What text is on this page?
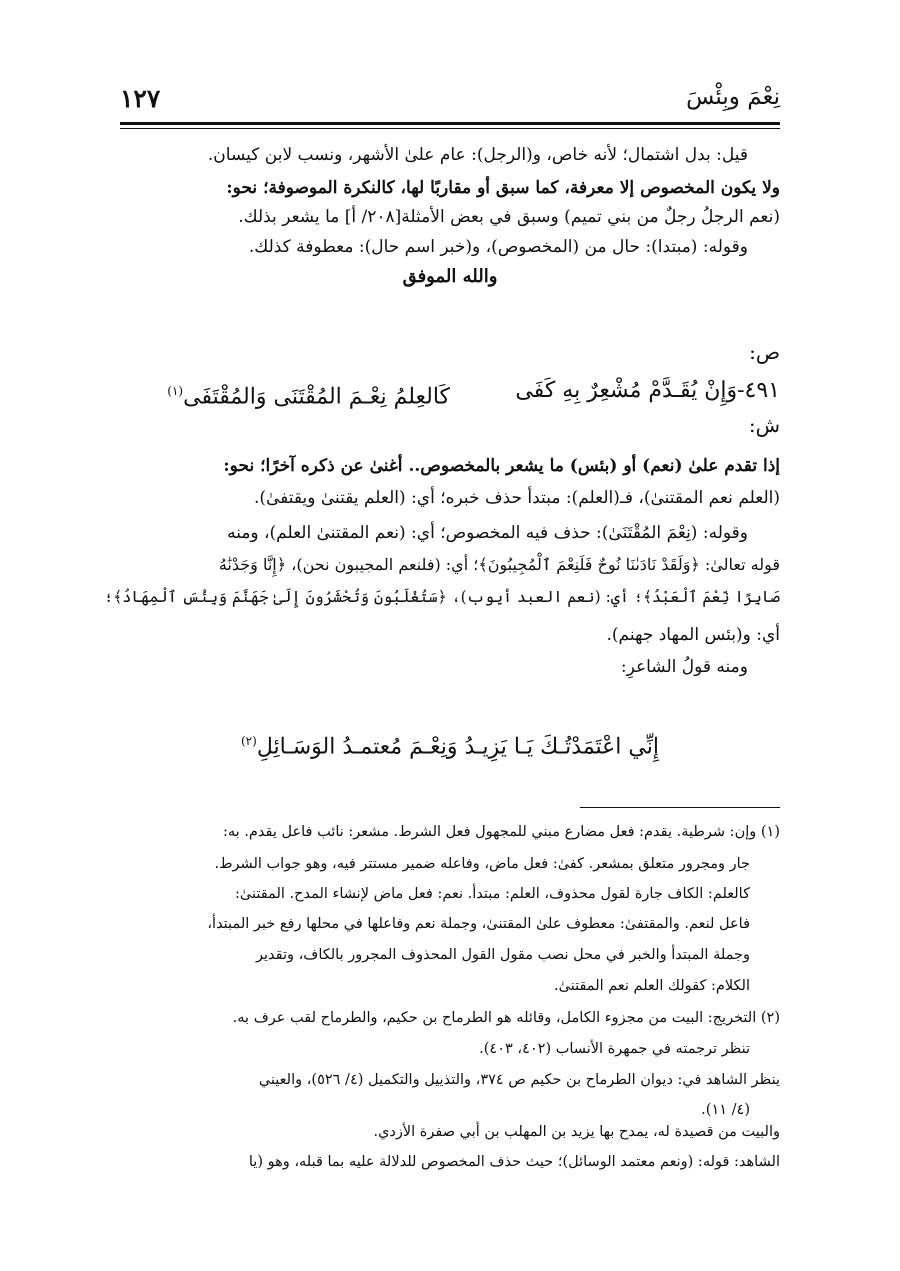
١٢٧	نِعْمَ وبِئْسَ
قيل: بدل اشتمال؛ لأنه خاص، و(الرجل): عام علىٰ الأشهر، ونسب لابن كيسان.
ولا يكون المخصوص إلا معرفة، كما سبق أو مقاربًا لها، كالنكرة الموصوفة؛ نحو:
(نعم الرجلُ رجلٌ من بني تميم) وسبق في بعض الأمثلة[٢٠٨/ أ] ما يشعر بذلك.
وقوله: (مبتدا): حال من (المخصوص)، و(خبر اسم حال): معطوفة كذلك.
والله الموفق
ص:
٤٩١-وَإِنْ يُقَـدَّمْ مُشْعِرٌ بِهِ كَفَى
كَالعِلمُ نِعْـمَ المُقْتَنَى وَالمُقْتَفَى$^{(١)}$
ش:
إذا تقدم علىٰ (نعم) أو (بئس) ما يشعر بالمخصوص.. أغنىٰ عن ذكره آخرًا؛ نحو:
(العلم نعم المقتنىٰ)، فـ(العلم): مبتدأ حذف خبره؛ أي: (العلم يقتنىٰ ويقتفىٰ).
وقوله: (نِعْمَ المُقْتَنَىٰ): حذف فيه المخصوص؛ أي: (نعم المقتنىٰ العلم)، ومنه
قوله تعالىٰ: ﴿وَلَقَدْ نَادَىٰنَا نُوحٌ فَلَنِعْمَ ٱلْمُجِيبُونَ﴾؛ أي: (فلنعم المجيبون نحن)، ﴿إِنَّا وَجَدْنَٰهُ
صَابِرًا نِّعْمَ ٱلْعَبْدُ﴾؛ أي: (نعم العبد أيوب)، ﴿سَتُغْلَبُونَ وَتُحْشَرُونَ إِلَىٰ جَهَنَّمَ وَبِئْسَ ٱلْمِهَادُ﴾؛
أي: و(بئس المهاد جهنم).
ومنه قولُ الشاعرِ:
إِنِّي اعْتَمَدْتُـكَ يَـا يَزِيـدُ وَنِعْـمَ مُعتمـدُ الوَسَـائِلِ$^{(٢)}$
(١) وإن: شرطية. يقدم: فعل مضارع مبني للمجهول فعل الشرط. مشعر: نائب فاعل يقدم. به:
جار ومجرور متعلق بمشعر. كفىٰ: فعل ماض، وفاعله ضمير مستتر فيه، وهو جواب الشرط.
كالعلم: الكاف جارة لقول محذوف، العلم: مبتدأ. نعم: فعل ماض لإنشاء المدح. المقتنىٰ:
فاعل لنعم. والمقتفىٰ: معطوف علىٰ المقتنىٰ، وجملة نعم وفاعلها في محلها رفع خبر المبتدأ،
وجملة المبتدأ والخبر في محل نصب مقول القول المحذوف المجرور بالكاف، وتقدير
الكلام: كقولك العلم نعم المقتنىٰ.
(٢) التخريج: البيت من مجزوء الكامل، وقائله هو الطرماح بن حكيم، والطرماح لقب عرف به.
تنظر ترجمته في جمهرة الأنساب (٤٠٢، ٤٠٣).
ينظر الشاهد في: ديوان الطرماح بن حكيم ص ٣٧٤، والتذييل والتكميل (٤/ ٥٢٦)، والعيني
(٤/ ١١).
والبيت من قصيدة له، يمدح بها يزيد بن المهلب بن أبي صفرة الأزدي.
الشاهد: قوله: (ونعم معتمد الوسائل)؛ حيث حذف المخصوص للدلالة عليه بما قبله، وهو (يا
